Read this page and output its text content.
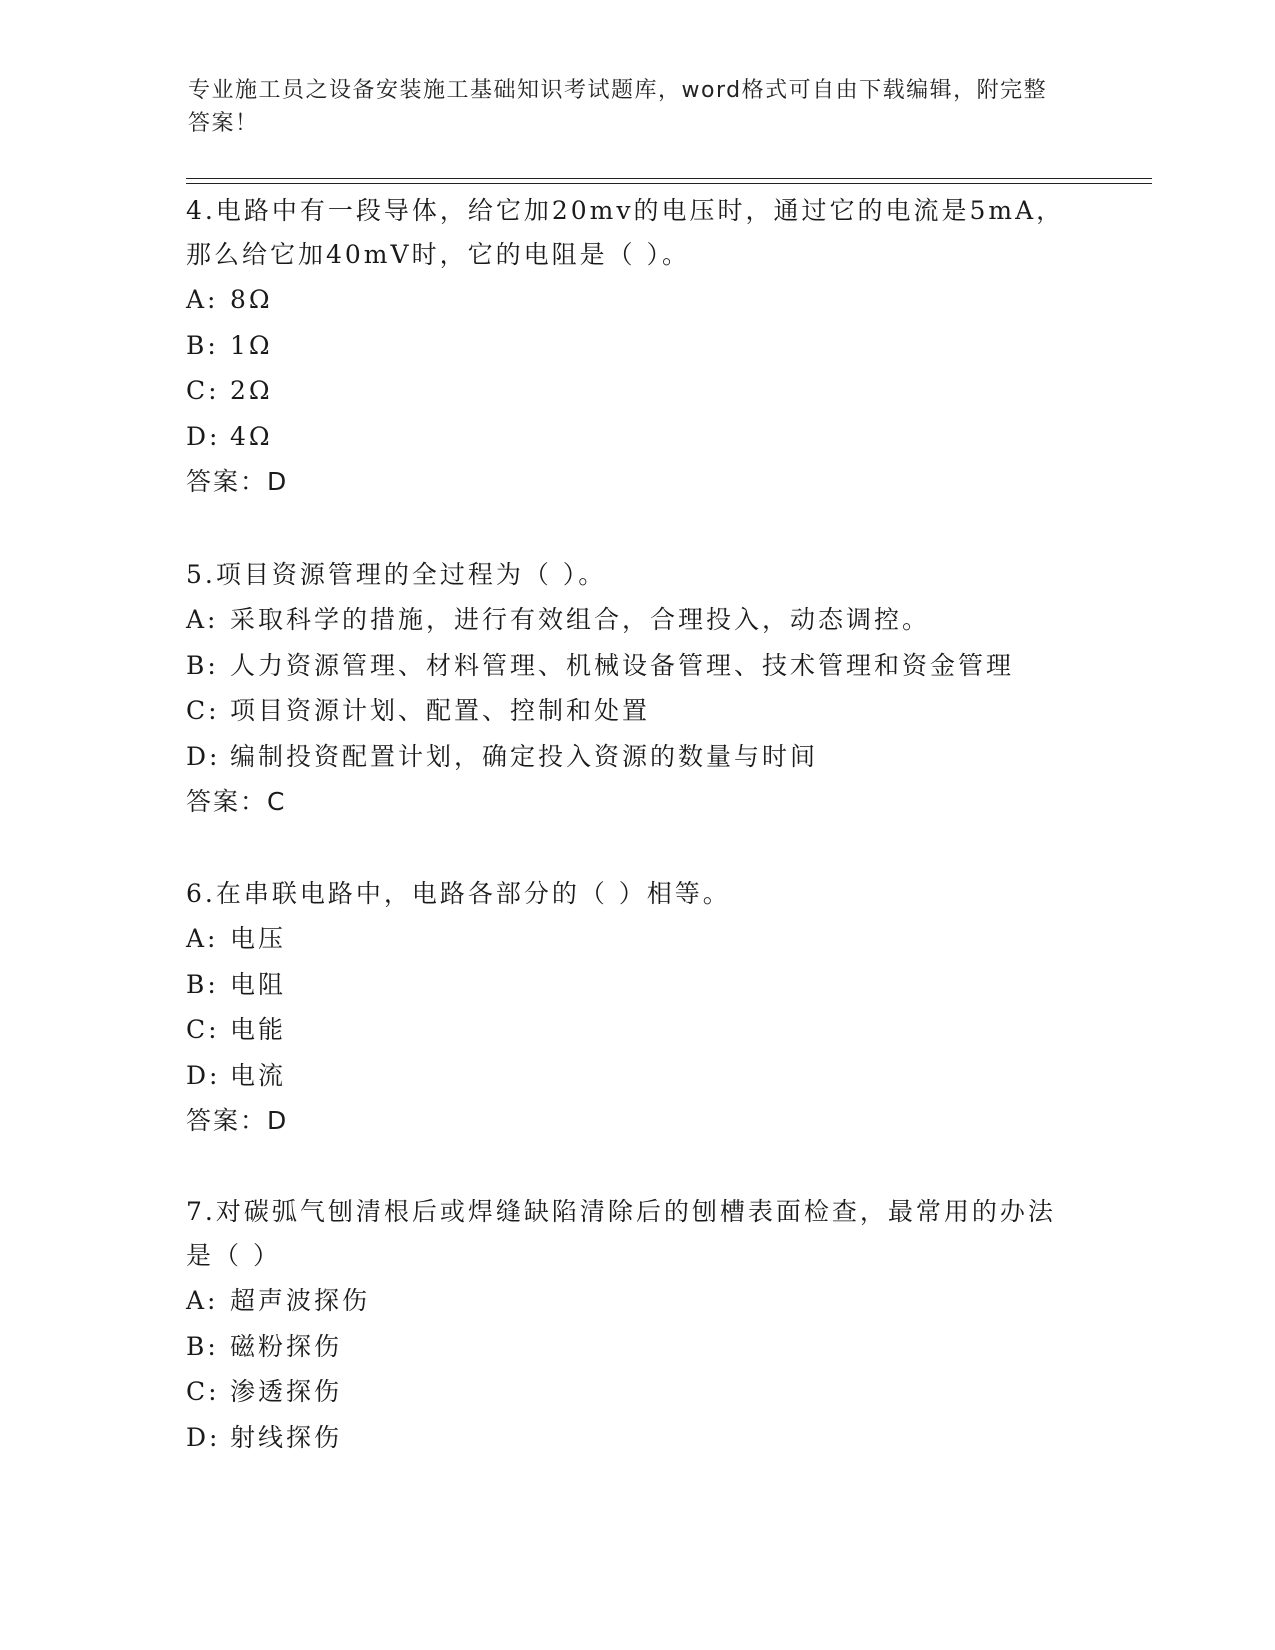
专业施工员之设备安装施工基础知识考试题库，word格式可自由下载编辑，附完整答案！

4.电路中有一段导体，给它加20mv的电压时，通过它的电流是5mA，那么给它加40mV时，它的电阻是（ ）。

A: 8Ω

B: 1Ω

C: 2Ω

D: 4Ω

答案：D

5.项目资源管理的全过程为（ ）。

A: 采取科学的措施，进行有效组合，合理投入，动态调控。

B: 人力资源管理、材料管理、机械设备管理、技术管理和资金管理

C: 项目资源计划、配置、控制和处置

D: 编制投资配置计划，确定投入资源的数量与时间

答案：C

6.在串联电路中，电路各部分的（ ）相等。

A: 电压

B: 电阻

C: 电能

D: 电流

答案：D

7.对碳弧气刨清根后或焊缝缺陷清除后的刨槽表面检查，最常用的办法是（ ）

A: 超声波探伤

B: 磁粉探伤

C: 渗透探伤

D: 射线探伤
